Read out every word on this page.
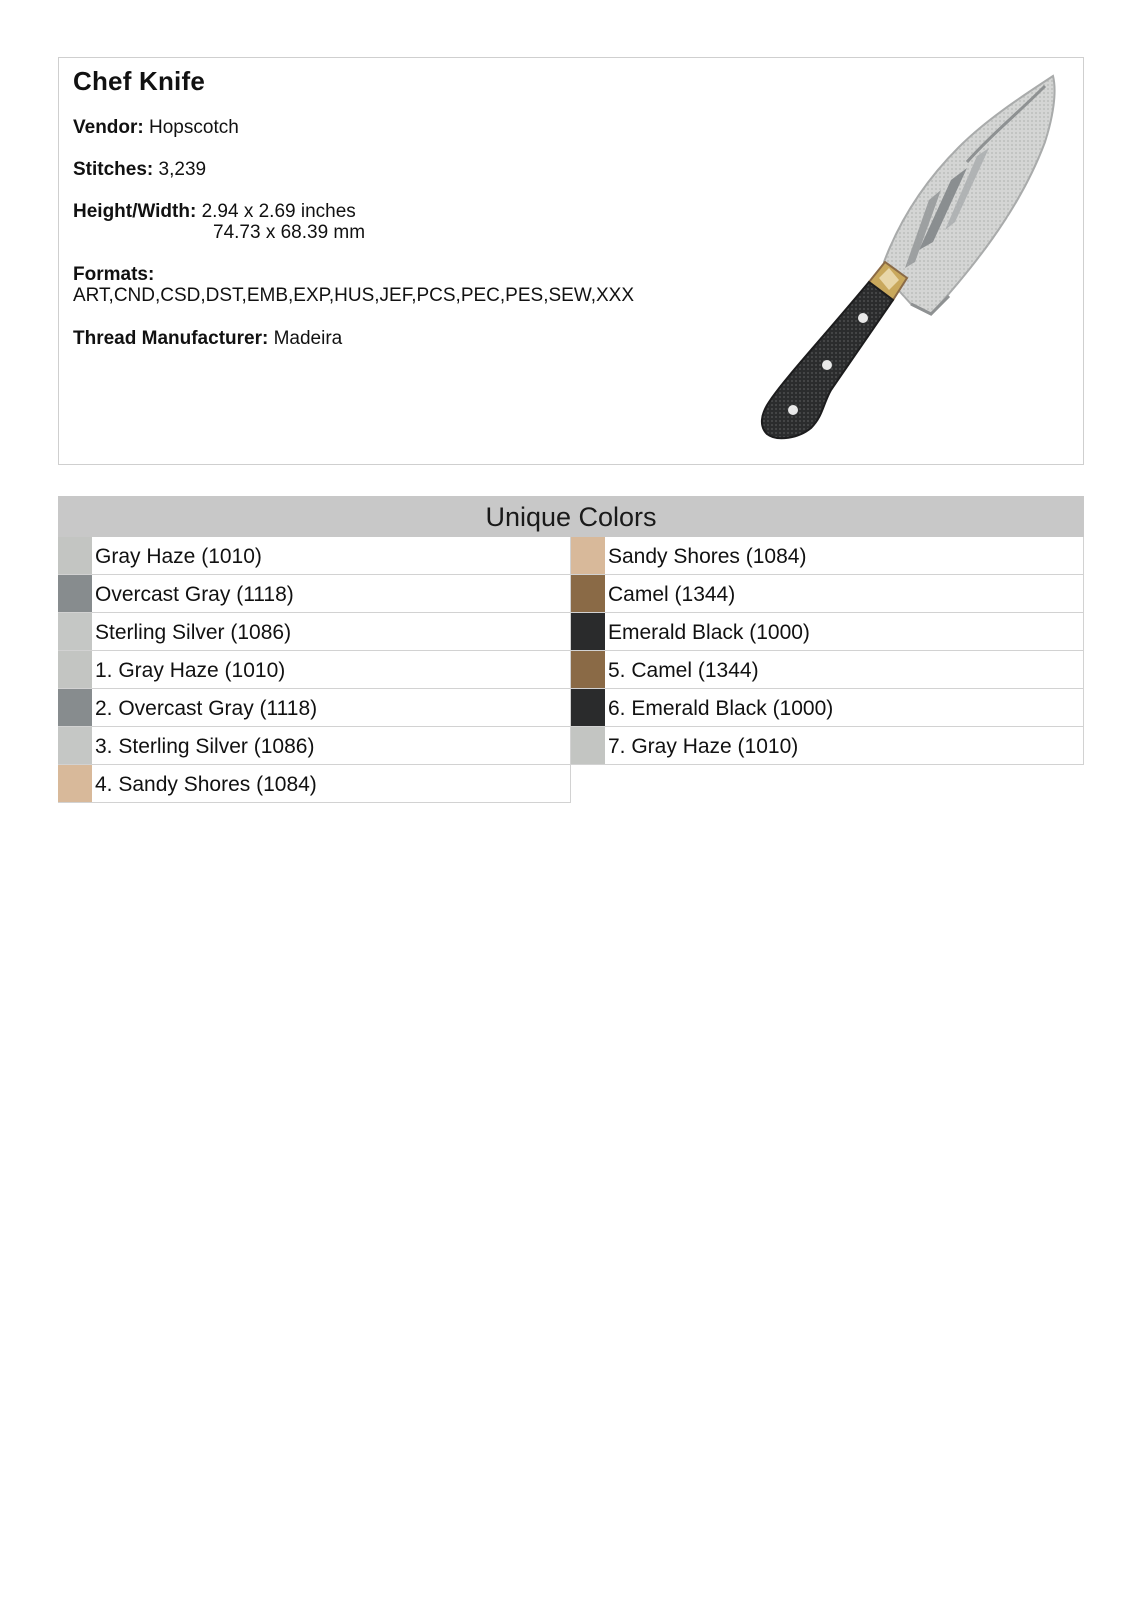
Chef Knife
Vendor: Hopscotch
Stitches: 3,239
Height/Width: 2.94 x 2.69 inches
74.73 x 68.39 mm
Formats:
ART,CND,CSD,DST,EMB,EXP,HUS,JEF,PCS,PEC,PES,SEW,XXX
Thread Manufacturer: Madeira
Unique Colors
Gray Haze (1010)
Overcast Gray (1118)
Sterling Silver (1086)
1. Gray Haze (1010)
2. Overcast Gray (1118)
3. Sterling Silver (1086)
4. Sandy Shores (1084)
Sandy Shores (1084)
Camel (1344)
Emerald Black (1000)
5. Camel (1344)
6. Emerald Black (1000)
7. Gray Haze (1010)
